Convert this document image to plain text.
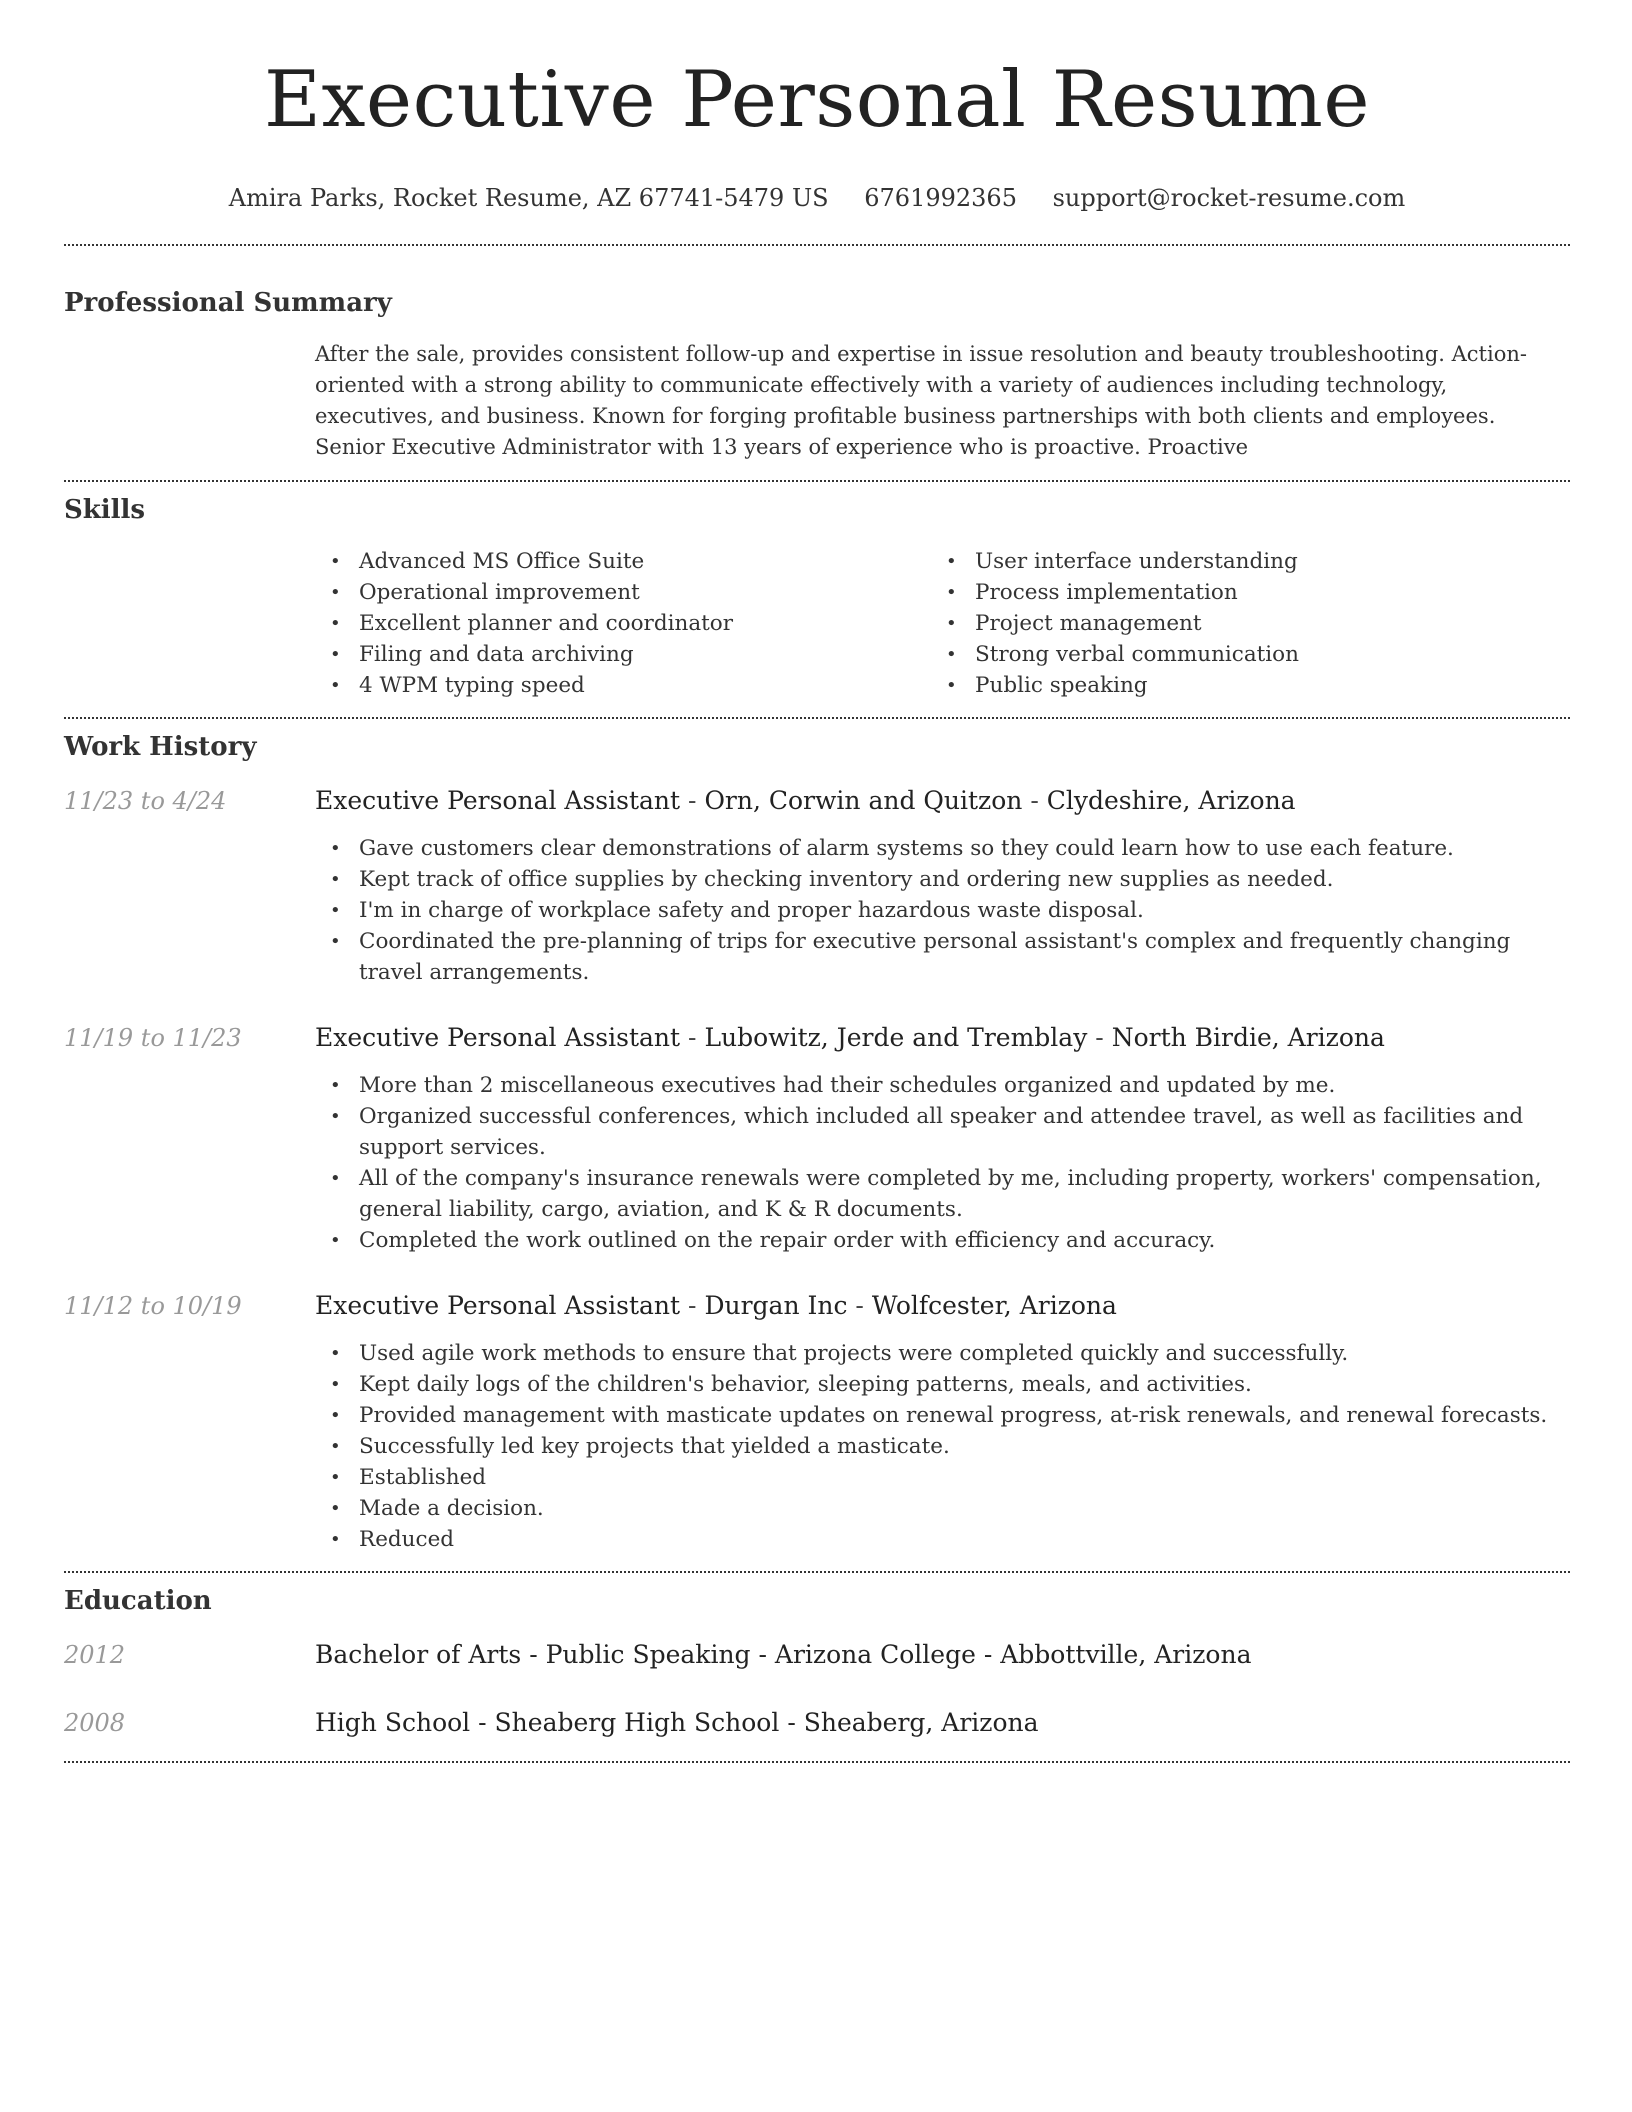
Executive Personal Resume
Amira Parks, Rocket Resume, AZ 67741-5479 US 6761992365 support@rocket-resume.com
Professional Summary

After the sale, provides consistent follow-up and expertise in issue resolution and beauty troubleshooting. Action-oriented with a strong ability to communicate effectively with a variety of audiences including technology, executives, and business. Known for forging profitable business partnerships with both clients and employees. Senior Executive Administrator with 13 years of experience who is proactive. Proactive

Skills
• Advanced MS Office Suite
• Operational improvement
• Excellent planner and coordinator
• Filing and data archiving
• 4 WPM typing speed
• User interface understanding
• Process implementation
• Project management
• Strong verbal communication
• Public speaking
Work History
11/23 to 4/24	Executive Personal Assistant - Orn, Corwin and Quitzon - Clydeshire, Arizona
• Gave customers clear demonstrations of alarm systems so they could learn how to use each feature.
• Kept track of office supplies by checking inventory and ordering new supplies as needed.
• I'm in charge of workplace safety and proper hazardous waste disposal.
• Coordinated the pre-planning of trips for executive personal assistant's complex and frequently changing travel arrangements.
11/19 to 11/23	Executive Personal Assistant - Lubowitz, Jerde and Tremblay - North Birdie, Arizona
• More than 2 miscellaneous executives had their schedules organized and updated by me.
• Organized successful conferences, which included all speaker and attendee travel, as well as facilities and support services.
• All of the company's insurance renewals were completed by me, including property, workers' compensation, general liability, cargo, aviation, and K & R documents.
• Completed the work outlined on the repair order with efficiency and accuracy.
11/12 to 10/19	Executive Personal Assistant - Durgan Inc - Wolfcester, Arizona
• Used agile work methods to ensure that projects were completed quickly and successfully.
• Kept daily logs of the children's behavior, sleeping patterns, meals, and activities.
• Provided management with masticate updates on renewal progress, at-risk renewals, and renewal forecasts.
• Successfully led key projects that yielded a masticate.
• Established
• Made a decision.
• Reduced
Education
2012	Bachelor of Arts - Public Speaking - Arizona College - Abbottville, Arizona
2008	High School - Sheaberg High School - Sheaberg, Arizona
